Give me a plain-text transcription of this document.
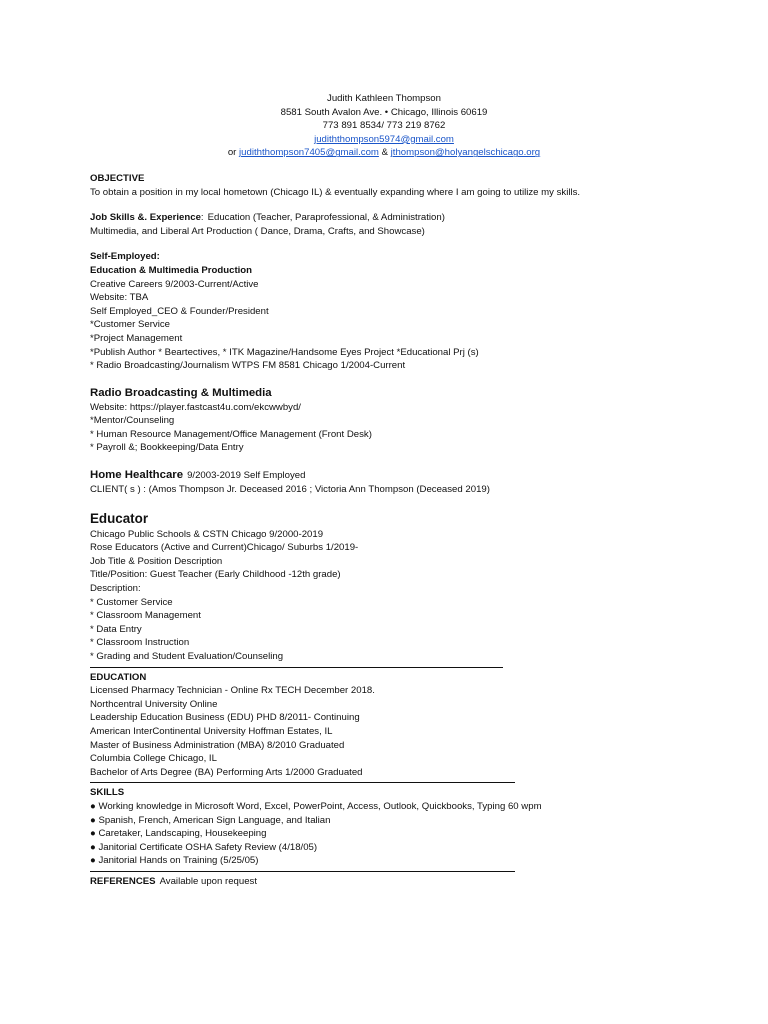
Judith Kathleen Thompson
8581 South Avalon Ave. • Chicago, Illinois 60619
773 891 8534/ 773 219 8762
judiththompson5974@gmail.com
or judiththompson7405@gmail.com & jthompson@holyangelschicago.org
OBJECTIVE
To obtain a position in my local hometown (Chicago IL) & eventually expanding where I am going to utilize my skills.
Job Skills &. Experience: Education (Teacher, Paraprofessional, & Administration)
Multimedia, and Liberal Art Production ( Dance, Drama, Crafts, and Showcase)
Self-Employed:
Education & Multimedia Production
Creative Careers 9/2003-Current/Active
Website: TBA
Self Employed_CEO & Founder/President
*Customer Service
*Project Management
*Publish Author * Beartectives, * ITK Magazine/Handsome Eyes Project *Educational Prj (s)
* Radio Broadcasting/Journalism WTPS FM 8581 Chicago 1/2004-Current
Radio Broadcasting & Multimedia
Website: https://player.fastcast4u.com/ekcwwbyd/
*Mentor/Counseling
* Human Resource Management/Office Management (Front Desk)
* Payroll &; Bookkeeping/Data Entry
Home Healthcare 9/2003-2019 Self Employed
CLIENT( s ) : (Amos Thompson Jr. Deceased 2016 ; Victoria Ann Thompson (Deceased 2019)
Educator
Chicago Public Schools & CSTN Chicago 9/2000-2019
Rose Educators (Active and Current)Chicago/ Suburbs 1/2019-
Job Title & Position Description
Title/Position: Guest Teacher (Early Childhood -12th grade)
Description:
* Customer Service
* Classroom Management
* Data Entry
* Classroom Instruction
* Grading and Student Evaluation/Counseling
EDUCATION
Licensed Pharmacy Technician - Online Rx TECH December 2018.
Northcentral University Online
Leadership Education Business (EDU) PHD 8/2011- Continuing
American InterContinental University Hoffman Estates, IL
Master of Business Administration (MBA) 8/2010 Graduated
Columbia College Chicago, IL
Bachelor of Arts Degree (BA) Performing Arts 1/2000 Graduated
SKILLS
● Working knowledge in Microsoft Word, Excel, PowerPoint, Access, Outlook, Quickbooks, Typing 60 wpm
● Spanish, French, American Sign Language, and Italian
● Caretaker, Landscaping, Housekeeping
● Janitorial Certificate OSHA Safety Review (4/18/05)
● Janitorial Hands on Training (5/25/05)
REFERENCES Available upon request
